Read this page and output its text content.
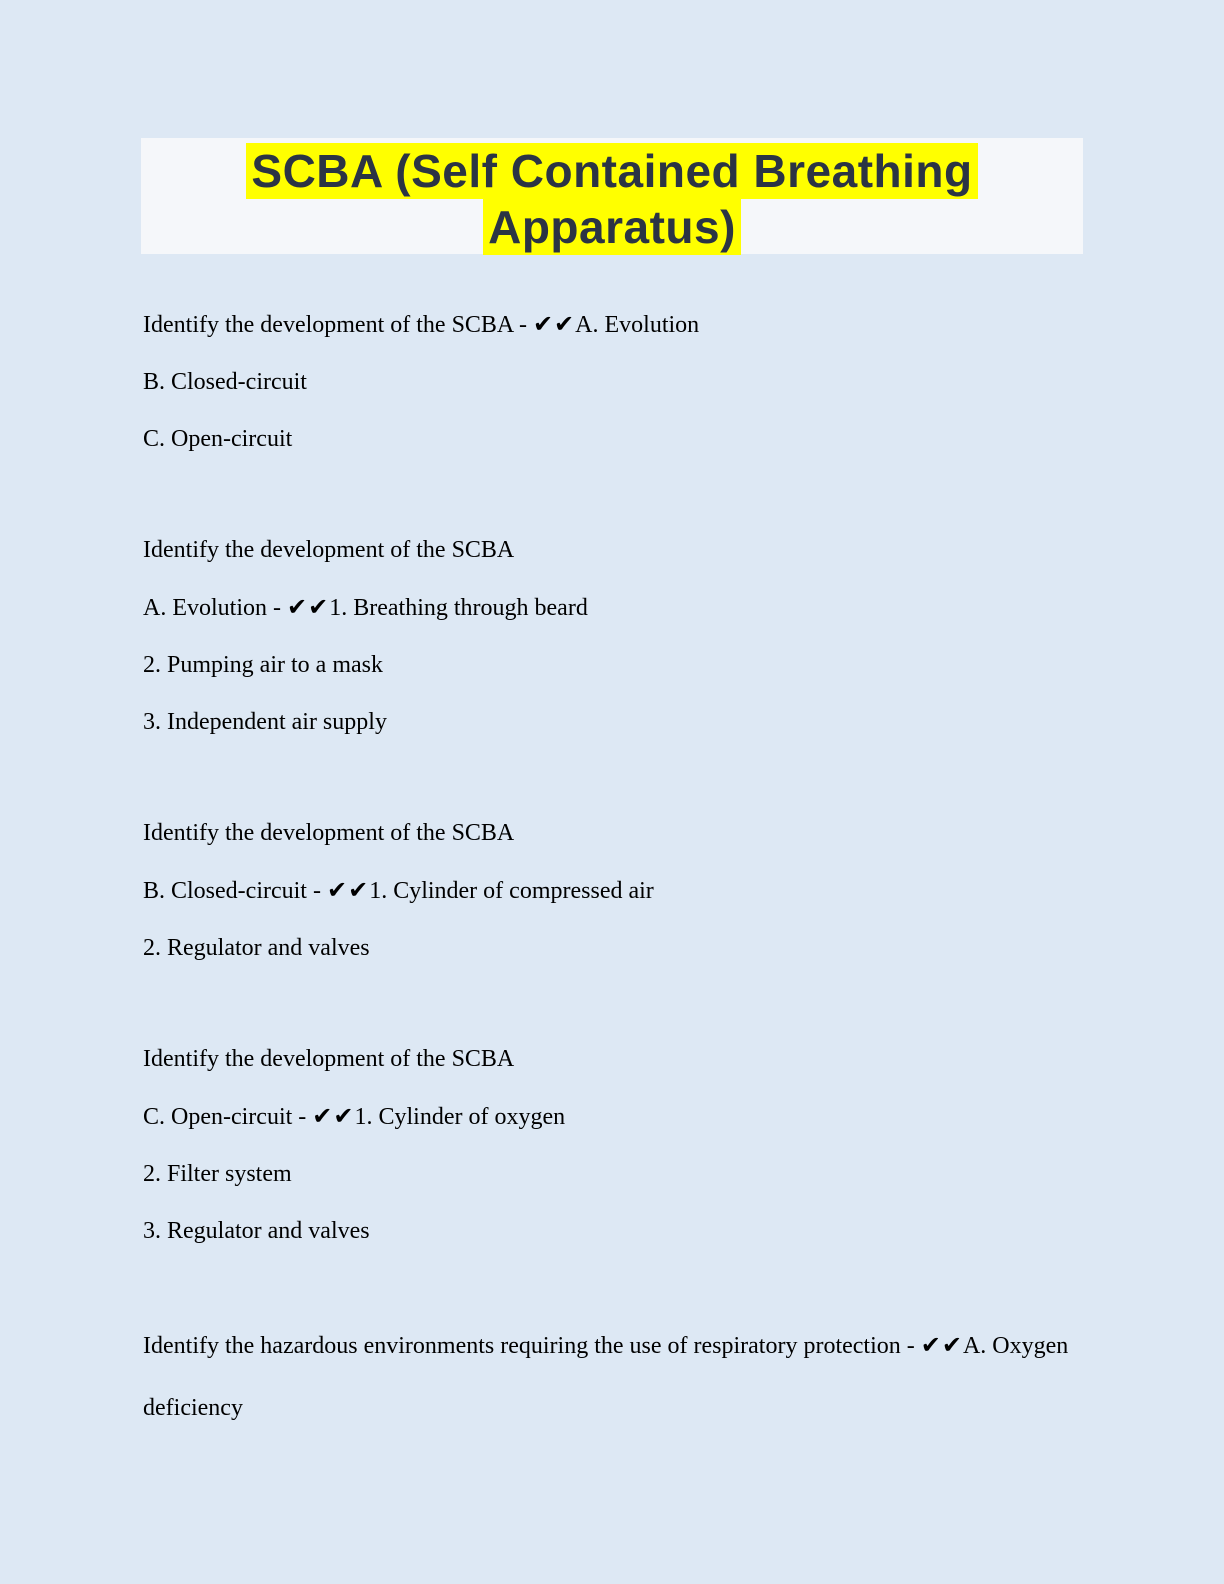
SCBA (Self Contained Breathing Apparatus)

Identify the development of the SCBA - ✔✔A. Evolution

B. Closed-circuit

C. Open-circuit

Identify the development of the SCBA

A. Evolution - ✔✔1. Breathing through beard

2. Pumping air to a mask

3. Independent air supply

Identify the development of the SCBA

B. Closed-circuit - ✔✔1. Cylinder of compressed air

2. Regulator and valves

Identify the development of the SCBA

C. Open-circuit - ✔✔1. Cylinder of oxygen

2. Filter system

3. Regulator and valves

Identify the hazardous environments requiring the use of respiratory protection - ✔✔A. Oxygen deficiency
